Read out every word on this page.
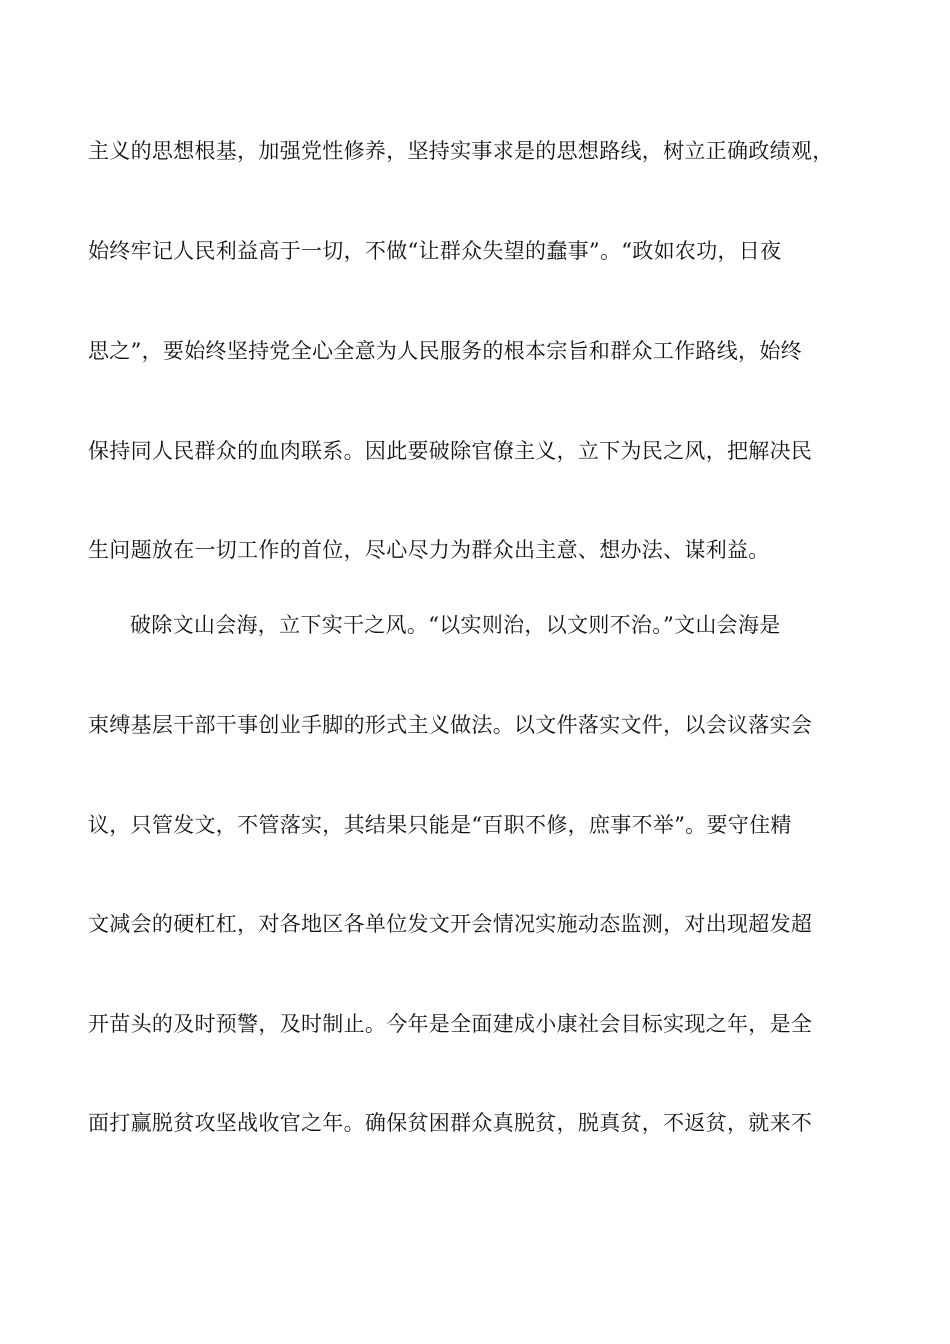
主义的思想根基，加强党性修养，坚持实事求是的思想路线，树立正确政绩观，
始终牢记人民利益高于一切，不做“让群众失望的蠢事”。“政如农功，日夜
思之”，要始终坚持党全心全意为人民服务的根本宗旨和群众工作路线，始终
保持同人民群众的血肉联系。因此要破除官僚主义，立下为民之风，把解决民
生问题放在一切工作的首位，尽心尽力为群众出主意、想办法、谋利益。
破除文山会海，立下实干之风。“以实则治，以文则不治。”文山会海是
束缚基层干部干事创业手脚的形式主义做法。以文件落实文件，以会议落实会
议，只管发文，不管落实，其结果只能是“百职不修，庶事不举”。要守住精
文减会的硬杠杠，对各地区各单位发文开会情况实施动态监测，对出现超发超
开苗头的及时预警，及时制止。今年是全面建成小康社会目标实现之年，是全
面打赢脱贫攻坚战收官之年。确保贫困群众真脱贫，脱真贫，不返贫，就来不
